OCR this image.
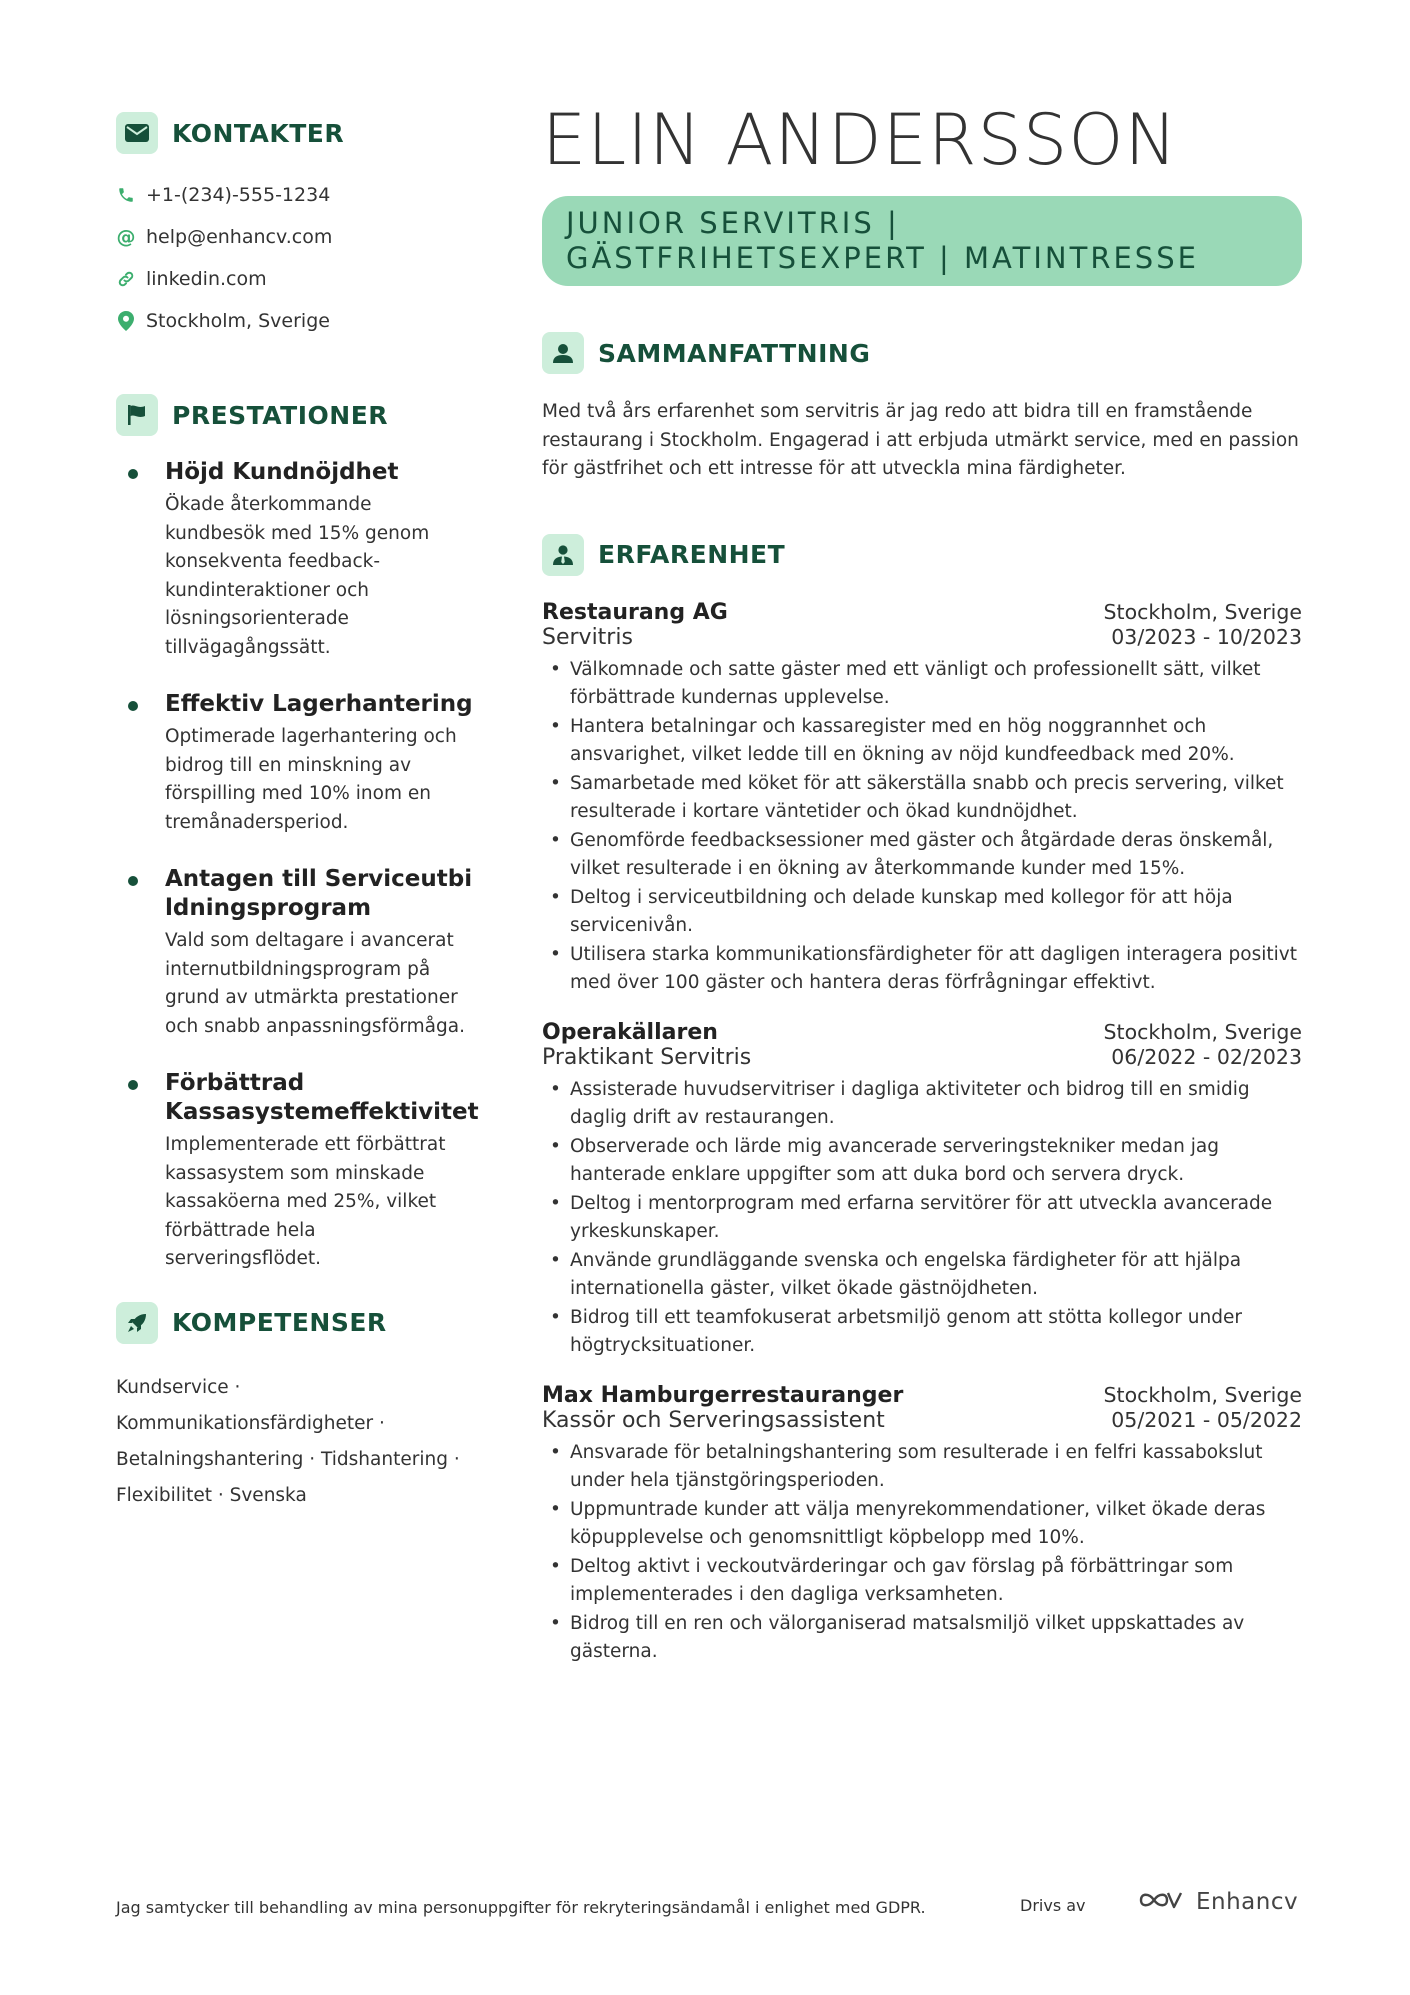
KONTAKTER
+1-(234)-555-1234
@ help@enhancv.com
linkedin.com
Stockholm, Sverige
PRESTATIONER
Höjd Kundnöjdhet
Ökade återkommande kundbesök med 15% genom konsekventa feedback-kundinteraktioner och lösningsorienterade tillvägagångssätt.
Effektiv Lagerhantering
Optimerade lagerhantering och bidrog till en minskning av förspilling med 10% inom en tremånadersperiod.
Antagen till Serviceutbildningsprogram
Vald som deltagare i avancerat internutbildningsprogram på grund av utmärkta prestationer och snabb anpassningsförmåga.
Förbättrad Kassasystemeffektivitet
Implementerade ett förbättrat kassasystem som minskade kassaköerna med 25%, vilket förbättrade hela serveringsflödet.
KOMPETENSER
Kundservice ·
Kommunikationsfärdigheter ·
Betalningshantering · Tidshantering ·
Flexibilitet · Svenska
ELIN ANDERSSON
JUNIOR SERVITRIS |
GÄSTFRIHETSEXPERT | MATINTRESSE
SAMMANFATTNING
Med två års erfarenhet som servitris är jag redo att bidra till en framstående restaurang i Stockholm. Engagerad i att erbjuda utmärkt service, med en passion för gästfrihet och ett intresse för att utveckla mina färdigheter.
ERFARENHET
Restaurang AG	Stockholm, Sverige
Servitris	03/2023 - 10/2023
• Välkomnade och satte gäster med ett vänligt och professionellt sätt, vilket förbättrade kundernas upplevelse.
• Hantera betalningar och kassaregister med en hög noggrannhet och ansvarighet, vilket ledde till en ökning av nöjd kundfeedback med 20%.
• Samarbetade med köket för att säkerställa snabb och precis servering, vilket resulterade i kortare väntetider och ökad kundnöjdhet.
• Genomförde feedbacksessioner med gäster och åtgärdade deras önskemål, vilket resulterade i en ökning av återkommande kunder med 15%.
• Deltog i serviceutbildning och delade kunskap med kollegor för att höja servicenivån.
• Utilisera starka kommunikationsfärdigheter för att dagligen interagera positivt med över 100 gäster och hantera deras förfrågningar effektivt.
Operakällaren	Stockholm, Sverige
Praktikant Servitris	06/2022 - 02/2023
• Assisterade huvudservitriser i dagliga aktiviteter och bidrog till en smidig daglig drift av restaurangen.
• Observerade och lärde mig avancerade serveringstekniker medan jag hanterade enklare uppgifter som att duka bord och servera dryck.
• Deltog i mentorprogram med erfarna servitörer för att utveckla avancerade yrkeskunskaper.
• Använde grundläggande svenska och engelska färdigheter för att hjälpa internationella gäster, vilket ökade gästnöjdheten.
• Bidrog till ett teamfokuserat arbetsmiljö genom att stötta kollegor under högtrycksituationer.
Max Hamburgerrestauranger	Stockholm, Sverige
Kassör och Serveringsassistent	05/2021 - 05/2022
• Ansvarade för betalningshantering som resulterade i en felfri kassabokslut under hela tjänstgöringsperioden.
• Uppmuntrade kunder att välja menyrekommendationer, vilket ökade deras köpupplevelse och genomsnittligt köpbelopp med 10%.
• Deltog aktivt i veckoutvärderingar och gav förslag på förbättringar som implementerades i den dagliga verksamheten.
• Bidrog till en ren och välorganiserad matsalsmiljö vilket uppskattades av gästerna.
Jag samtycker till behandling av mina personuppgifter för rekryteringsändamål i enlighet med GDPR.	Drivs av	Enhancv
